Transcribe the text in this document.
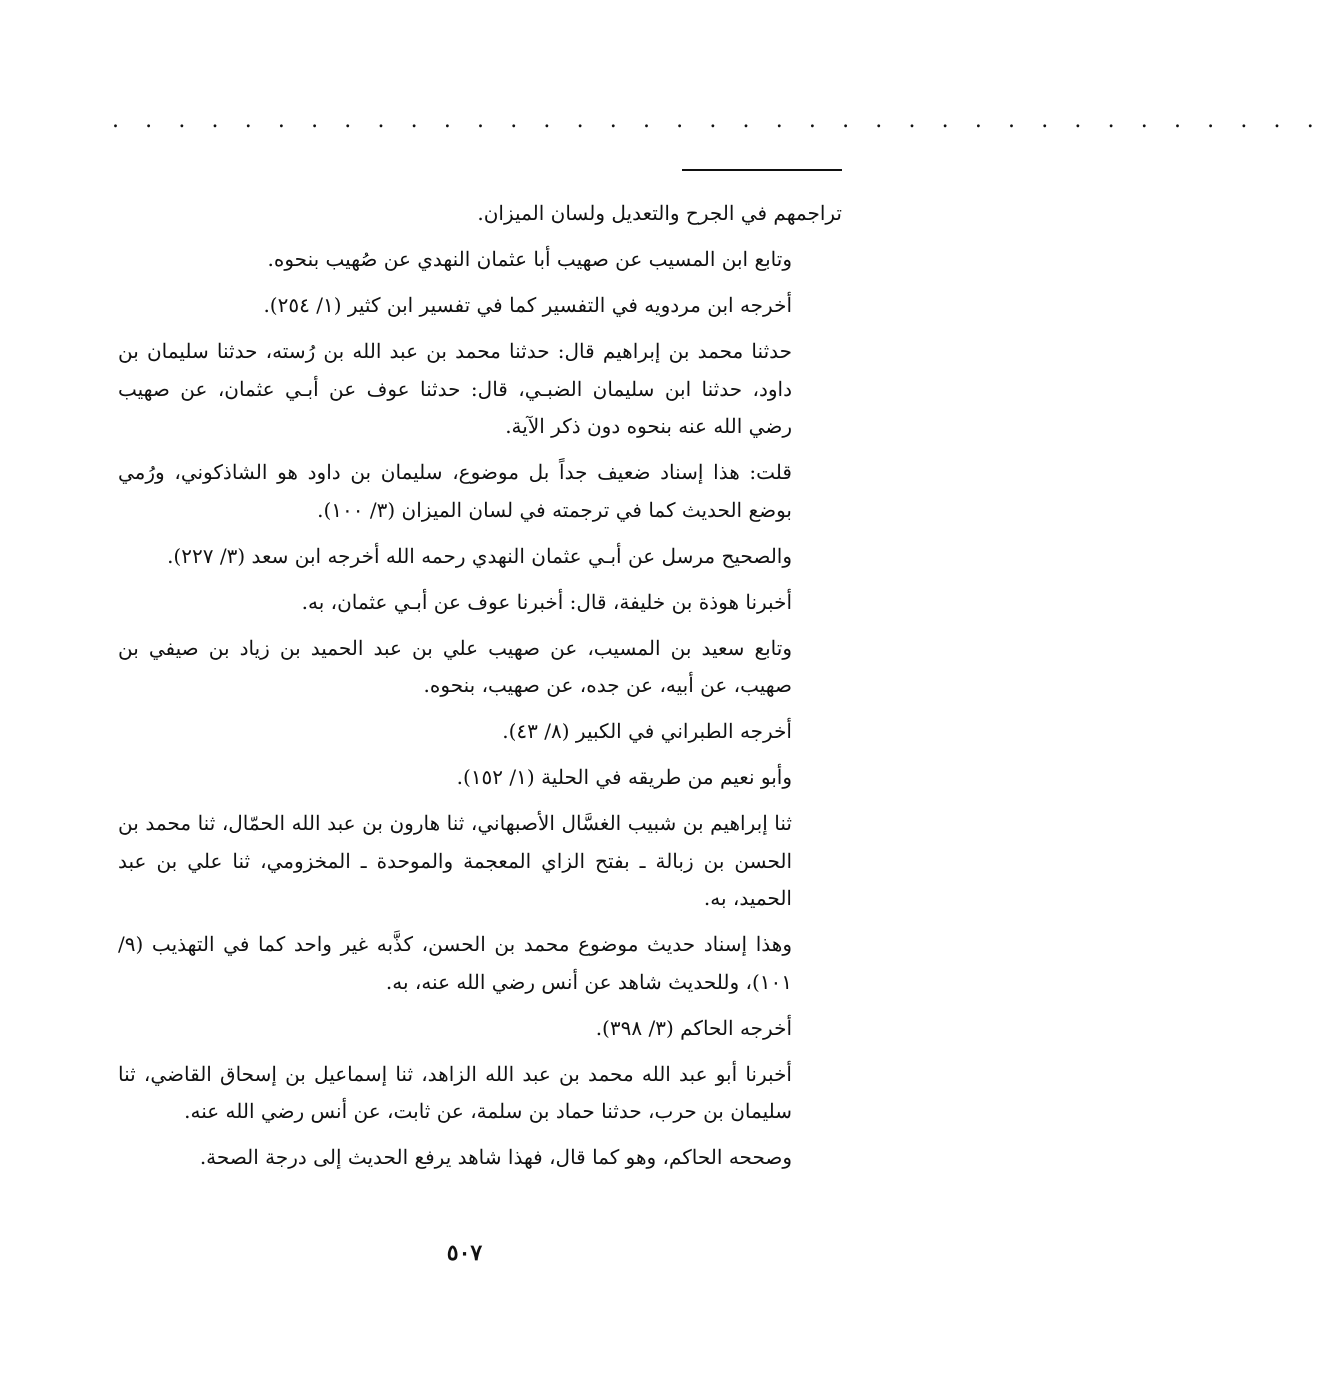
. . . . . . . . . . . . . . . . . . . . . . . . . . . . . . . . . . . . .

تراجمهم في الجرح والتعديل ولسان الميزان.

وتابع ابن المسيب عن صهيب أبا عثمان النهدي عن صُهيب بنحوه.

أخرجه ابن مردويه في التفسير كما في تفسير ابن كثير (١/ ٢٥٤).

حدثنا محمد بن إبراهيم قال: حدثنا محمد بن عبد الله بن رُسته، حدثنا سليمان بن داود، حدثنا ابن سليمان الضبـي، قال: حدثنا عوف عن أبـي عثمان، عن صهيب رضي الله عنه بنحوه دون ذكر الآية.

قلت: هذا إسناد ضعيف جداً بل موضوع، سليمان بن داود هو الشاذكوني، ورُمي بوضع الحديث كما في ترجمته في لسان الميزان (٣/ ١٠٠).

والصحيح مرسل عن أبـي عثمان النهدي رحمه الله أخرجه ابن سعد (٣/ ٢٢٧).

أخبرنا هوذة بن خليفة، قال: أخبرنا عوف عن أبـي عثمان، به.

وتابع سعيد بن المسيب، عن صهيب علي بن عبد الحميد بن زياد بن صيفي بن صهيب، عن أبيه، عن جده، عن صهيب، بنحوه.

أخرجه الطبراني في الكبير (٨/ ٤٣).

وأبو نعيم من طريقه في الحلية (١/ ١٥٢).

ثنا إبراهيم بن شبيب الغسَّال الأصبهاني، ثنا هارون بن عبد الله الحمّال، ثنا محمد بن الحسن بن زبالة ـ بفتح الزاي المعجمة والموحدة ـ المخزومي، ثنا علي بن عبد الحميد، به.

وهذا إسناد حديث موضوع محمد بن الحسن، كذَّبه غير واحد كما في التهذيب (٩/ ١٠١)، وللحديث شاهد عن أنس رضي الله عنه، به.

أخرجه الحاكم (٣/ ٣٩٨).

أخبرنا أبو عبد الله محمد بن عبد الله الزاهد، ثنا إسماعيل بن إسحاق القاضي، ثنا سليمان بن حرب، حدثنا حماد بن سلمة، عن ثابت، عن أنس رضي الله عنه.

وصححه الحاكم، وهو كما قال، فهذا شاهد يرفع الحديث إلى درجة الصحة.

٥٠٧
